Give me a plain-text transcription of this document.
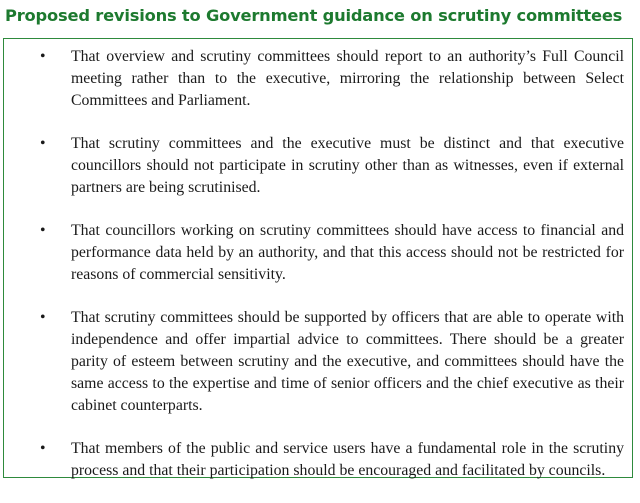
Proposed revisions to Government guidance on scrutiny committees
• That overview and scrutiny committees should report to an authority’s Full Council meeting rather than to the executive, mirroring the relationship between Select Committees and Parliament.
• That scrutiny committees and the executive must be distinct and that executive councillors should not participate in scrutiny other than as witnesses, even if external partners are being scrutinised.
• That councillors working on scrutiny committees should have access to financial and performance data held by an authority, and that this access should not be restricted for reasons of commercial sensitivity.
• That scrutiny committees should be supported by officers that are able to operate with independence and offer impartial advice to committees. There should be a greater parity of esteem between scrutiny and the executive, and committees should have the same access to the expertise and time of senior officers and the chief executive as their cabinet counterparts.
• That members of the public and service users have a fundamental role in the scrutiny process and that their participation should be encouraged and facilitated by councils.
